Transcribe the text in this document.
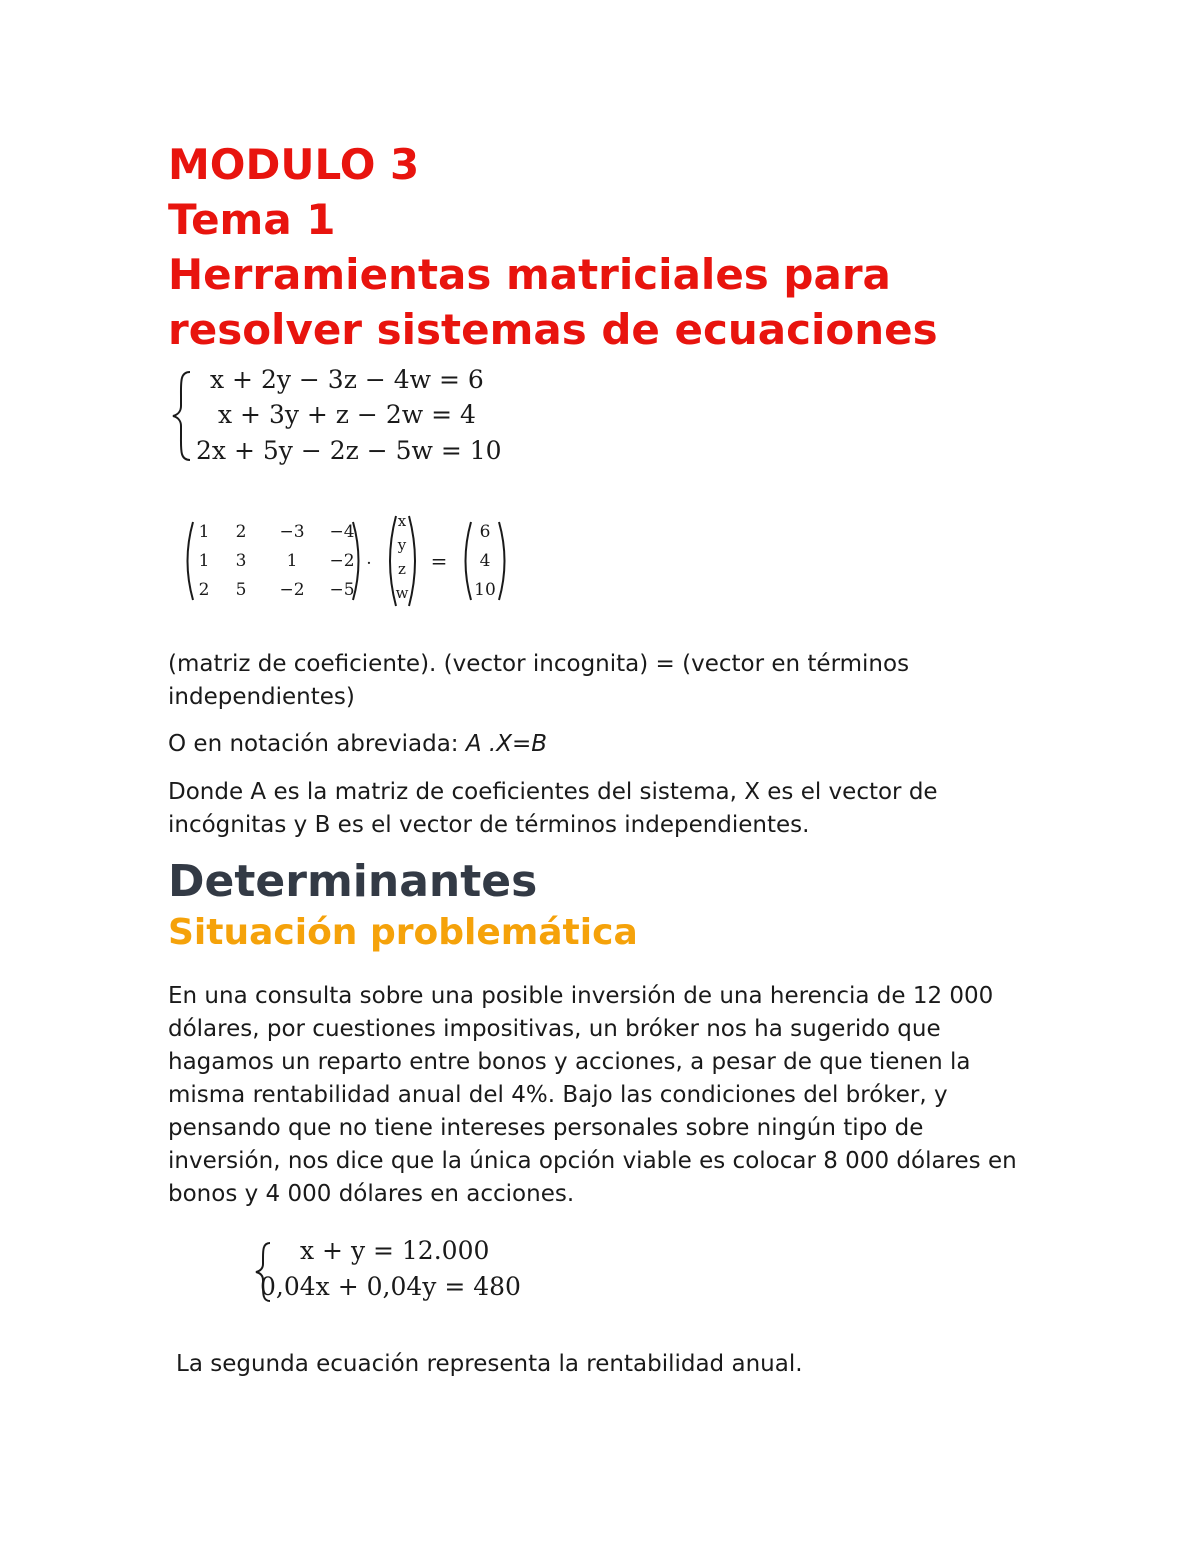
MODULO 3
Tema 1
Herramientas matriciales para
resolver sistemas de ecuaciones
x + 2y − 3z − 4w = 6
x + 3y + z − 2w = 4
2x + 5y − 2z − 5w = 10
1	2	−3	−4
1	3	1	−2
2	5	−2	−5
.
x
y
z
w
=
6
4
10

(matriz de coeficiente). (vector incognita) = (vector en términos independientes)

O en notación abreviada: A .X=B

Donde A es la matriz de coeficientes del sistema, X es el vector de incógnitas y B es el vector de términos independientes.

Determinantes
Situación problemática

En una consulta sobre una posible inversión de una herencia de 12 000 dólares, por cuestiones impositivas, un bróker nos ha sugerido que hagamos un reparto entre bonos y acciones, a pesar de que tienen la misma rentabilidad anual del 4%. Bajo las condiciones del bróker, y pensando que no tiene intereses personales sobre ningún tipo de inversión, nos dice que la única opción viable es colocar 8 000 dólares en bonos y 4 000 dólares en acciones.

x + y = 12.000
0,04x + 0,04y = 480

La segunda ecuación representa la rentabilidad anual.
